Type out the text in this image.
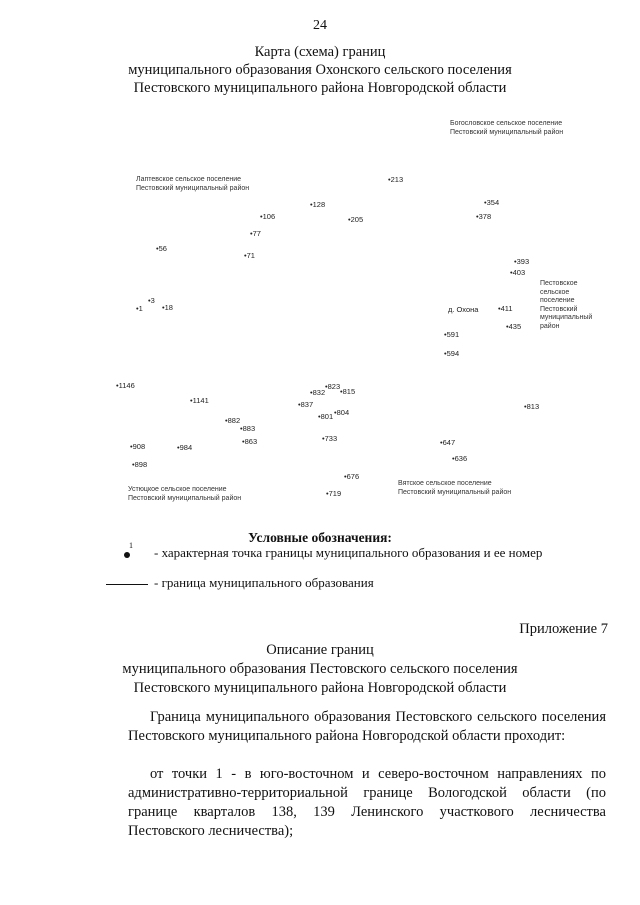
24
Карта (схема) границ
муниципального образования Охонского сельского поселения
Пестовского муниципального района Новгородской области
Богословское сельское поселение
Пестовский муниципальный район
Лаптевское сельское поселение
Пестовский муниципальный район
Пестовское
сельское
поселение
Пестовский
муниципальный
район
Устюцкое сельское поселение
Пестовский муниципальный район
Вятское сельское поселение
Пестовский муниципальный район
д. Охона
•213
•128
•205
•354
•378
•106
•77
•56
•71
•393
•403
•3
•1	•18	•411
•435
•591
•594
•1146
•1141
•832
•823
•815
•837
•801 •804
•813
•882
•883
•863	•733	•647
•908
•898
•984
•636
•676
•719
Условные обозначения:
1 - характерная точка границы муниципального образования и ее номер
- граница муниципального образования
Приложение 7
Описание границ
муниципального образования Пестовского сельского поселения
Пестовского муниципального района Новгородской области
Граница муниципального образования Пестовского сельского поселения Пестовского муниципального района Новгородской области проходит:
от точки 1 - в юго-восточном и северо-восточном направлениях по административно-территориальной границе Вологодской области (по границе кварталов 138, 139 Ленинского участкового лесничества Пестовского лесничества);
